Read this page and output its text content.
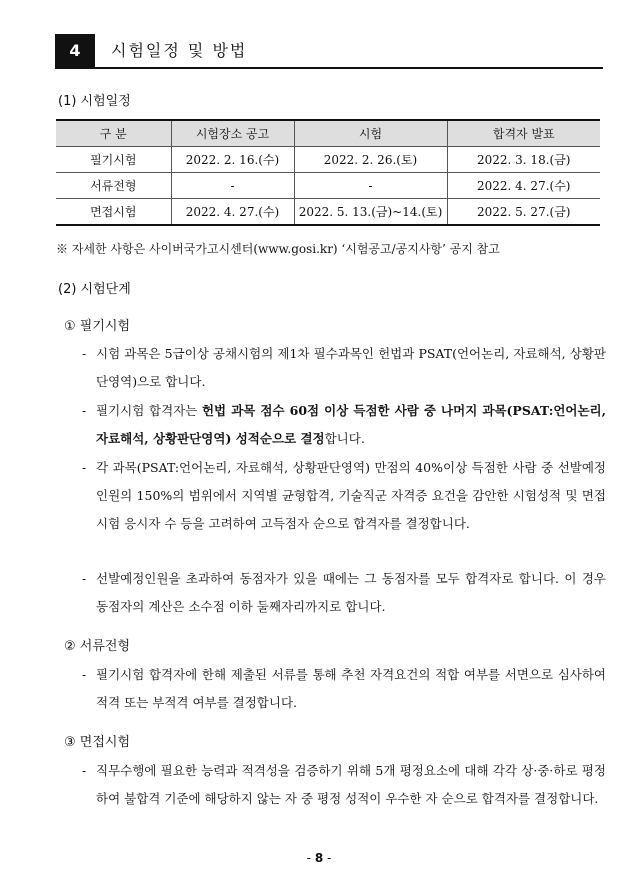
4	시험일정 및 방법
(1) 시험일정
구 분	시험장소 공고	시험	합격자 발표
필기시험	2022. 2. 16.(수)	2022. 2. 26.(토)	2022. 3. 18.(금)
서류전형	-	-	2022. 4. 27.(수)
면접시험	2022. 4. 27.(수)	2022. 5. 13.(금)~14.(토)	2022. 5. 27.(금)
※ 자세한 사항은 사이버국가고시센터(www.gosi.kr) ‘시험공고/공지사항’ 공지 참고
(2) 시험단계
① 필기시험
- 시험 과목은 5급이상 공채시험의 제1차 필수과목인 헌법과 PSAT(언어논리, 자료해석, 상황판단영역)으로 합니다.
- 필기시험 합격자는 헌법 과목 점수 60점 이상 득점한 사람 중 나머지 과목(PSAT:언어논리, 자료해석, 상황판단영역) 성적순으로 결정합니다.
- 각 과목(PSAT:언어논리, 자료해석, 상황판단영역) 만점의 40%이상 득점한 사람 중 선발예정인원의 150%의 범위에서 지역별 균형합격, 기술직군 자격증 요건을 감안한 시험성적 및 면접시험 응시자 수 등을 고려하여 고득점자 순으로 합격자를 결정합니다.
- 선발예정인원을 초과하여 동점자가 있을 때에는 그 동점자를 모두 합격자로 합니다. 이 경우 동점자의 계산은 소수점 이하 둘째자리까지로 합니다.
② 서류전형
- 필기시험 합격자에 한해 제출된 서류를 통해 추천 자격요건의 적합 여부를 서면으로 심사하여 적격 또는 부적격 여부를 결정합니다.
③ 면접시험
- 직무수행에 필요한 능력과 적격성을 검증하기 위해 5개 평정요소에 대해 각각 상·중·하로 평정하여 불합격 기준에 해당하지 않는 자 중 평정 성적이 우수한 자 순으로 합격자를 결정합니다.
- 8 -
